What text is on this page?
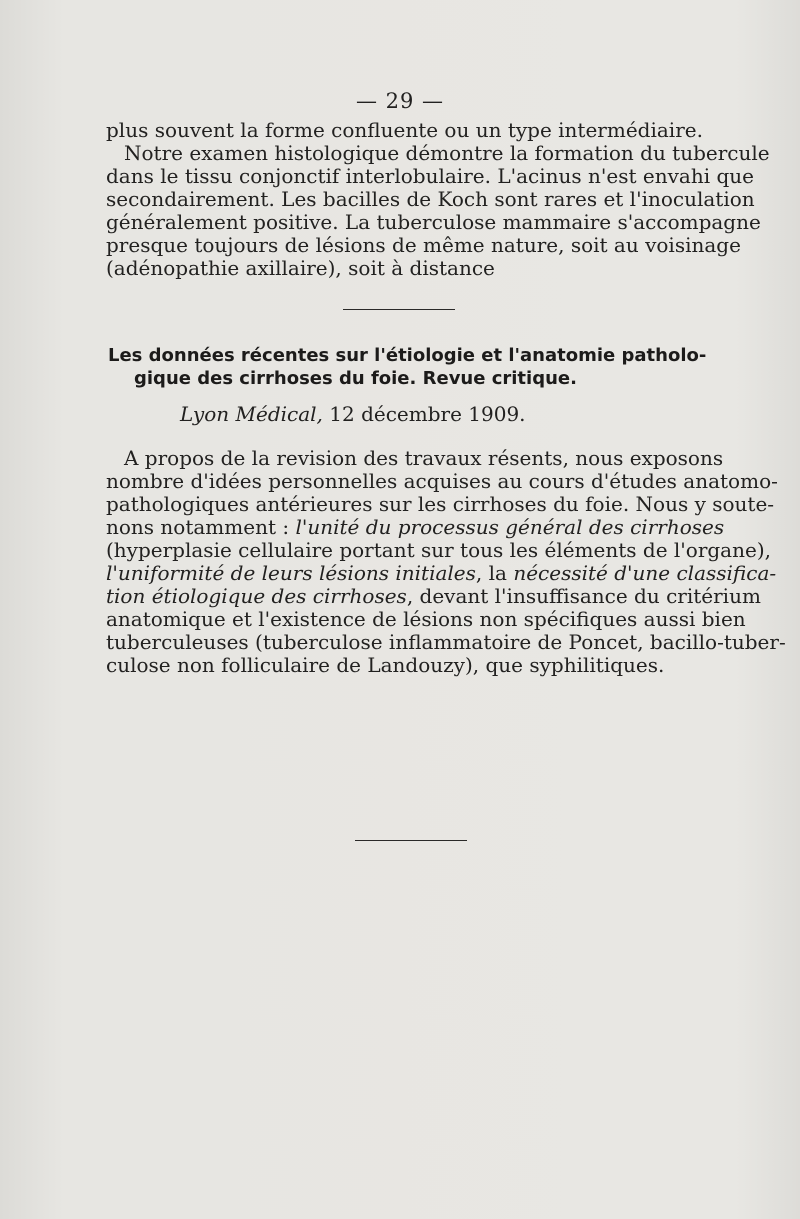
— 29 —

plus souvent la forme confluente ou un type intermédiaire.
Notre examen histologique démontre la formation du tubercule
dans le tissu conjonctif interlobulaire. L'acinus n'est envahi que
secondairement. Les bacilles de Koch sont rares et l'inoculation
généralement positive. La tuberculose mammaire s'accompagne
presque toujours de lésions de même nature, soit au voisinage
(adénopathie axillaire), soit à distance

Les données récentes sur l'étiologie et l'anatomie patholo-
gique des cirrhoses du foie. Revue critique.
Lyon Médical, 12 décembre 1909.

A propos de la revision des travaux résents, nous exposons
nombre d'idées personnelles acquises au cours d'études anatomo-
pathologiques antérieures sur les cirrhoses du foie. Nous y soute-
nons notamment : l'unité du processus général des cirrhoses
(hyperplasie cellulaire portant sur tous les éléments de l'organe),
l'uniformité de leurs lésions initiales, la nécessité d'une classifica-
tion étiologique des cirrhoses, devant l'insuffisance du critérium
anatomique et l'existence de lésions non spécifiques aussi bien
tuberculeuses (tuberculose inflammatoire de Poncet, bacillo-tuber-
culose non folliculaire de Landouzy), que syphilitiques.
